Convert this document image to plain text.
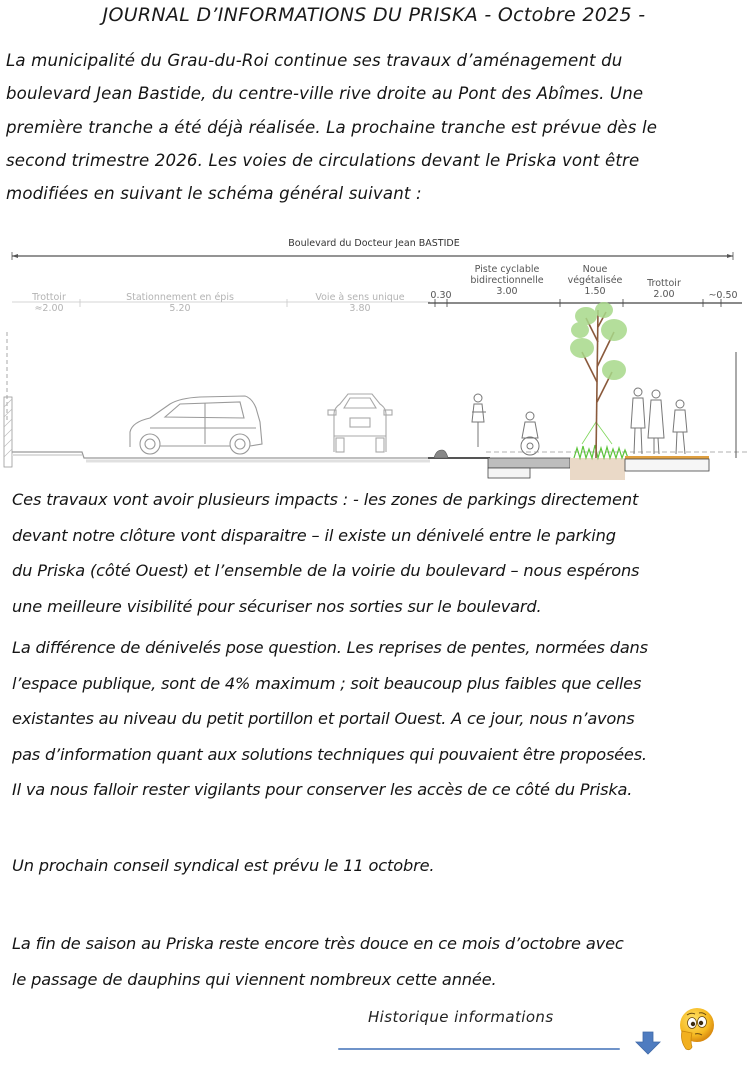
JOURNAL D’INFORMATIONS DU PRISKA - Octobre 2025 -
La municipalité du Grau-du-Roi continue ses travaux d’aménagement du
boulevard Jean Bastide, du centre-ville rive droite au Pont des Abîmes. Une
première tranche a été déjà réalisée. La prochaine tranche est prévue dès le
second trimestre 2026. Les voies de circulations devant le Priska vont être
modifiées en suivant le schéma général suivant :
Boulevard du Docteur Jean BASTIDE
Trottoir
≈2.00
Stationnement en épis
5.20
Voie à sens unique
3.80
0.30
Piste cyclable
bidirectionnelle
3.00
Noue
végétalisée
1.50
Trottoir
2.00	~0.50
Ces travaux vont avoir plusieurs impacts : - les zones de parkings directement
devant notre clôture vont disparaitre – il existe un dénivelé entre le parking
du Priska (côté Ouest) et l’ensemble de la voirie du boulevard – nous espérons
une meilleure visibilité pour sécuriser nos sorties sur le boulevard.
La différence de dénivelés pose question. Les reprises de pentes, normées dans
l’espace publique, sont de 4% maximum ; soit beaucoup plus faibles que celles
existantes au niveau du petit portillon et portail Ouest. A ce jour, nous n’avons
pas d’information quant aux solutions techniques qui pouvaient être proposées.
Il va nous falloir rester vigilants pour conserver les accès de ce côté du Priska.
Un prochain conseil syndical est prévu le 11 octobre.
La fin de saison au Priska reste encore très douce en ce mois d’octobre avec
le passage de dauphins qui viennent nombreux cette année.
Historique informations
